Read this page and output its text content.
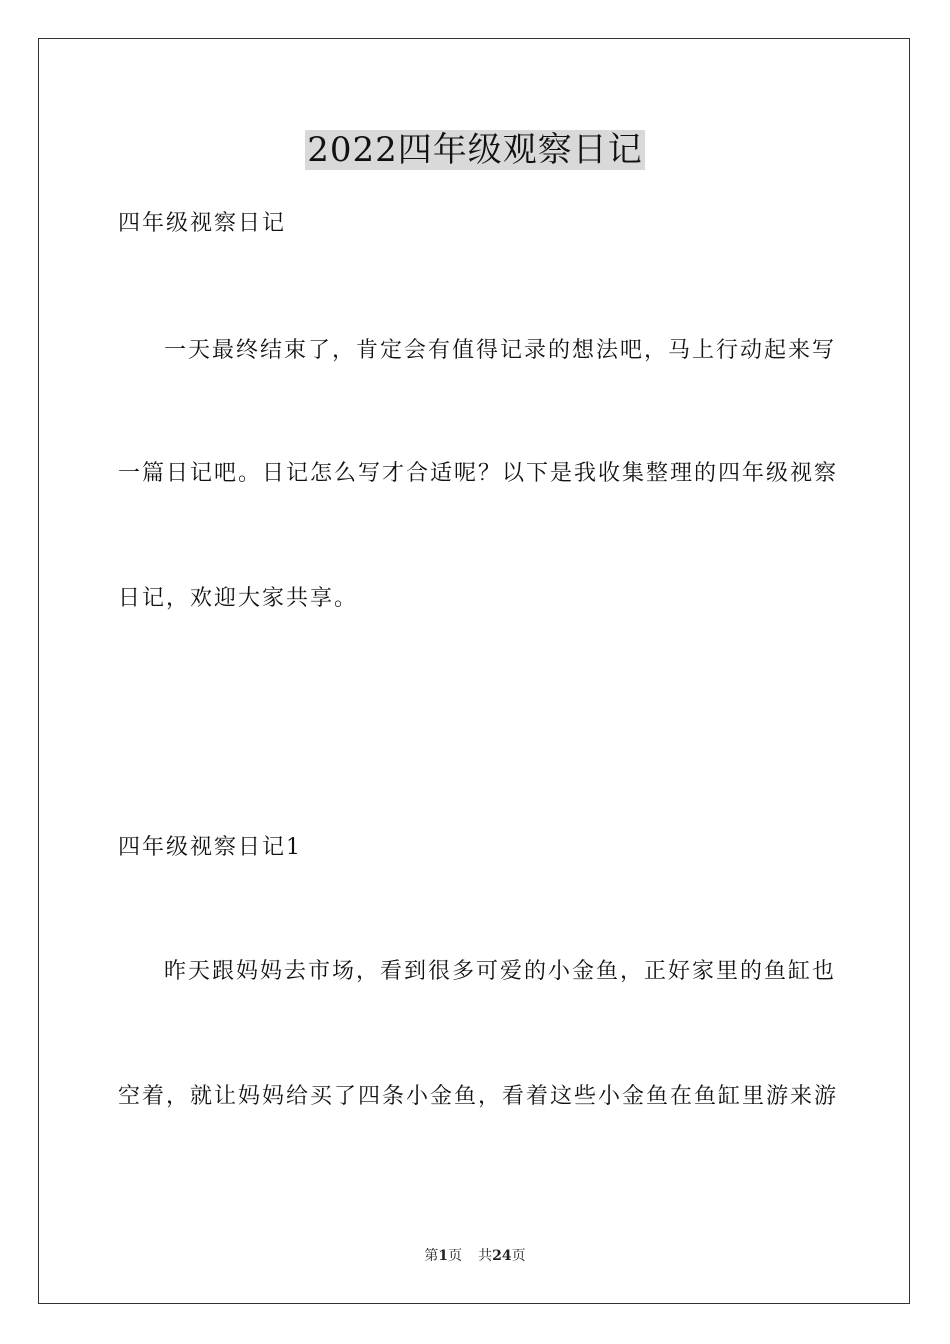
2022四年级观察日记
四年级视察日记
一天最终结束了，肯定会有值得记录的想法吧，马上行动起来写
一篇日记吧。日记怎么写才合适呢？以下是我收集整理的四年级视察
日记，欢迎大家共享。
四年级视察日记1
昨天跟妈妈去市场，看到很多可爱的小金鱼，正好家里的鱼缸也
空着，就让妈妈给买了四条小金鱼，看着这些小金鱼在鱼缸里游来游
第1页 共24页
